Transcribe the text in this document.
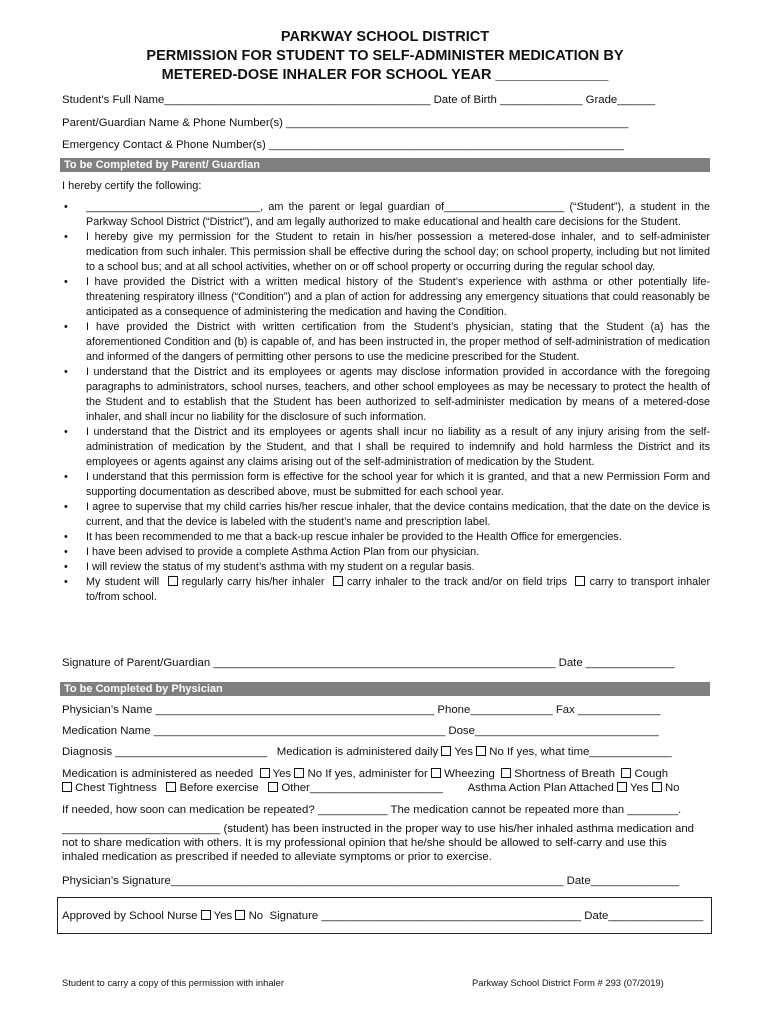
PARKWAY SCHOOL DISTRICT
PERMISSION FOR STUDENT TO SELF-ADMINISTER MEDICATION BY
METERED-DOSE INHALER FOR SCHOOL YEAR ______________
Student’s Full Name__________________________________________ Date of Birth _____________ Grade______
Parent/Guardian Name & Phone Number(s) ______________________________________________________
Emergency Contact & Phone Number(s) ________________________________________________________
To be Completed by Parent/ Guardian
I hereby certify the following:
• _____________________________, am the parent or legal guardian of____________________ (“Student”), a student in the Parkway School District (“District”), and am legally authorized to make educational and health care decisions for the Student.
• I hereby give my permission for the Student to retain in his/her possession a metered-dose inhaler, and to self-administer medication from such inhaler. This permission shall be effective during the school day; on school property, including but not limited to a school bus; and at all school activities, whether on or off school property or occurring during the regular school day.
• I have provided the District with a written medical history of the Student’s experience with asthma or other potentially life-threatening respiratory illness (“Condition”) and a plan of action for addressing any emergency situations that could reasonably be anticipated as a consequence of administering the medication and having the Condition.
• I have provided the District with written certification from the Student’s physician, stating that the Student (a) has the aforementioned Condition and (b) is capable of, and has been instructed in, the proper method of self-administration of medication and informed of the dangers of permitting other persons to use the medicine prescribed for the Student.
• I understand that the District and its employees or agents may disclose information provided in accordance with the foregoing paragraphs to administrators, school nurses, teachers, and other school employees as may be necessary to protect the health of the Student and to establish that the Student has been authorized to self-administer medication by means of a metered-dose inhaler, and shall incur no liability for the disclosure of such information.
• I understand that the District and its employees or agents shall incur no liability as a result of any injury arising from the self-administration of medication by the Student, and that I shall be required to indemnify and hold harmless the District and its employees or agents against any claims arising out of the self-administration of medication by the Student.
• I understand that this permission form is effective for the school year for which it is granted, and that a new Permission Form and supporting documentation as described above, must be submitted for each school year.
• I agree to supervise that my child carries his/her rescue inhaler, that the device contains medication, that the date on the device is current, and that the device is labeled with the student’s name and prescription label.
• It has been recommended to me that a back-up rescue inhaler be provided to the Health Office for emergencies.
• I have been advised to provide a complete Asthma Action Plan from our physician.
• I will review the status of my student’s asthma with my student on a regular basis.
• My student will regularly carry his/her inhaler carry inhaler to the track and/or on field trips carry to transport inhaler to/from school.
Signature of Parent/Guardian ______________________________________________________ Date ______________
To be Completed by Physician
Physician’s Name ____________________________________________ Phone_____________ Fax _____________
Medication Name ______________________________________________ Dose_____________________________
Diagnosis ________________________ Medication is administered daily Yes No If yes, what time_____________
Medication is administered as needed Yes No If yes, administer for Wheezing Shortness of Breath Cough
Chest Tightness Before exercise Other_____________________ Asthma Action Plan Attached Yes No
If needed, how soon can medication be repeated? ___________ The medication cannot be repeated more than ________.
_________________________ (student) has been instructed in the proper way to use his/her inhaled asthma medication and
not to share medication with others. It is my professional opinion that he/she should be allowed to self-carry and use this
inhaled medication as prescribed if needed to alleviate symptoms or prior to exercise.
Physician’s Signature______________________________________________________________ Date______________
Approved by School Nurse Yes No Signature _________________________________________ Date_______________
Student to carry a copy of this permission with inhaler	Parkway School District Form # 293 (07/2019)
